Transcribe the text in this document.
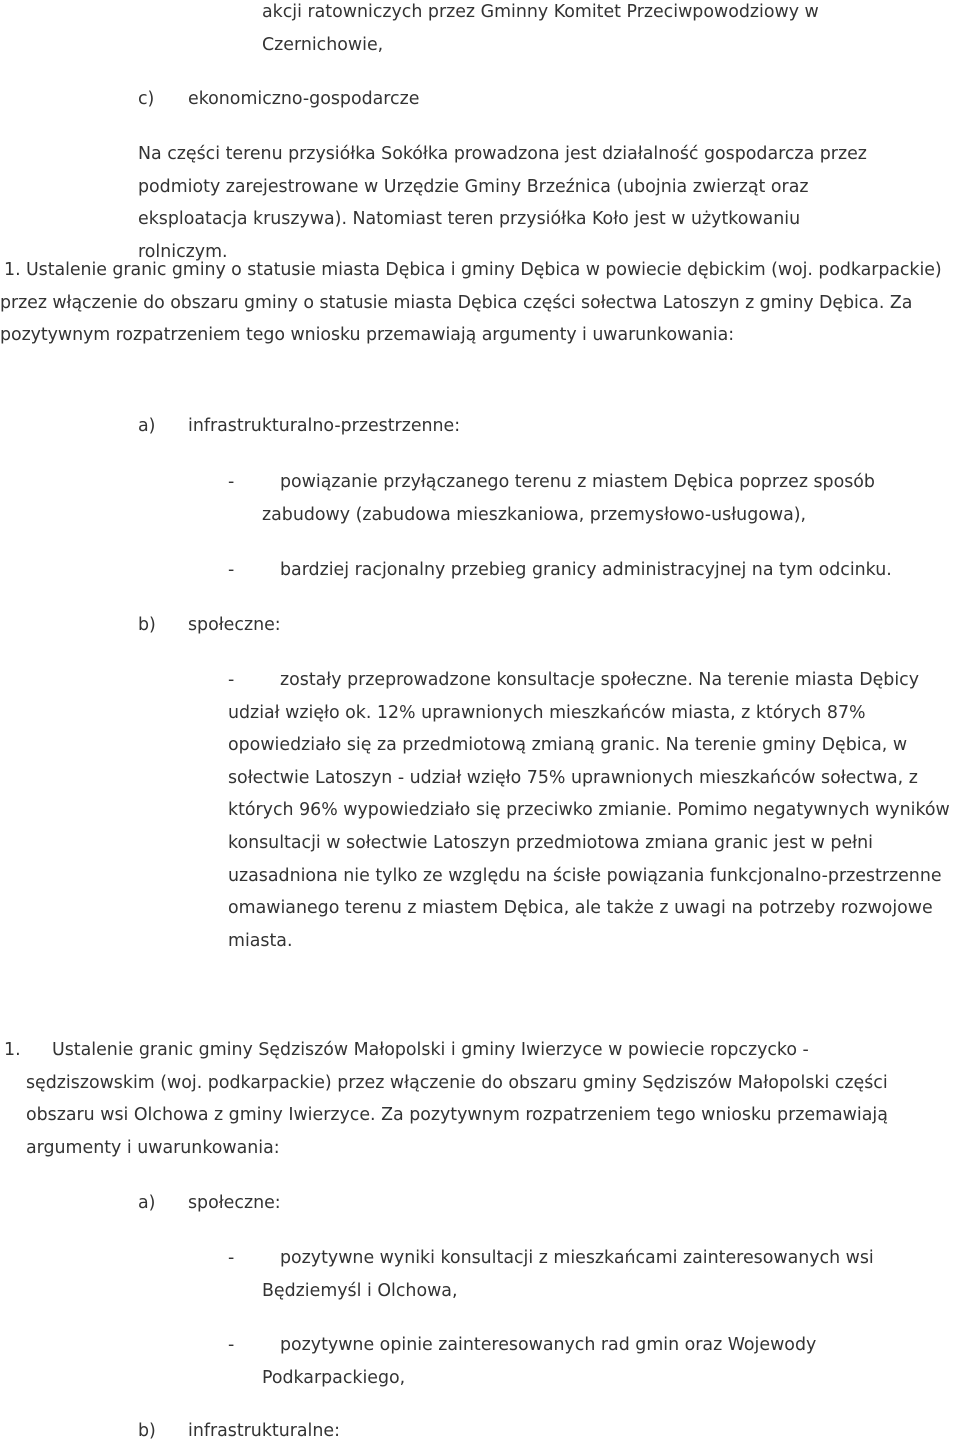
akcji ratowniczych przez Gminny Komitet Przeciwpowodziowy w Czernichowie,

c) ekonomiczno-gospodarcze

Na części terenu przysiółka Sokółka prowadzona jest działalność gospodarcza przez podmioty zarejestrowane w Urzędzie Gminy Brzeźnica (ubojnia zwierząt oraz eksploatacja kruszywa). Natomiast teren przysiółka Koło jest w użytkowaniu rolniczym.

1. Ustalenie granic gminy o statusie miasta Dębica i gminy Dębica w powiecie dębickim (woj. podkarpackie) przez włączenie do obszaru gminy o statusie miasta Dębica części sołectwa Latoszyn z gminy Dębica. Za pozytywnym rozpatrzeniem tego wniosku przemawiają argumenty i uwarunkowania:

a) infrastrukturalno-przestrzenne:
-	powiązanie przyłączanego terenu z miastem Dębica poprzez sposób zabudowy (zabudowa mieszkaniowa, przemysłowo-usługowa),

-	bardziej racjonalny przebieg granicy administracyjnej na tym odcinku.

b) społeczne:
-	zostały przeprowadzone konsultacje społeczne. Na terenie miasta Dębicy udział wzięło ok. 12% uprawnionych mieszkańców miasta, z których 87% opowiedziało się za przedmiotową zmianą granic. Na terenie gminy Dębica, w sołectwie Latoszyn - udział wzięło 75% uprawnionych mieszkańców sołectwa, z których 96% wypowiedziało się przeciwko zmianie. Pomimo negatywnych wyników konsultacji w sołectwie Latoszyn przedmiotowa zmiana granic jest w pełni uzasadniona nie tylko ze względu na ścisłe powiązania funkcjonalno-przestrzenne omawianego terenu z miastem Dębica, ale także z uwagi na potrzeby rozwojowe miasta.

1.	Ustalenie granic gminy Sędziszów Małopolski i gminy Iwierzyce w powiecie ropczycko - sędziszowskim (woj. podkarpackie) przez włączenie do obszaru gminy Sędziszów Małopolski części obszaru wsi Olchowa z gminy Iwierzyce. Za pozytywnym rozpatrzeniem tego wniosku przemawiają argumenty i uwarunkowania:

a) społeczne:
-	pozytywne wyniki konsultacji z mieszkańcami zainteresowanych wsi Będziemyśl i Olchowa,

-	pozytywne opinie zainteresowanych rad gmin oraz Wojewody Podkarpackiego,

b) infrastrukturalne:
